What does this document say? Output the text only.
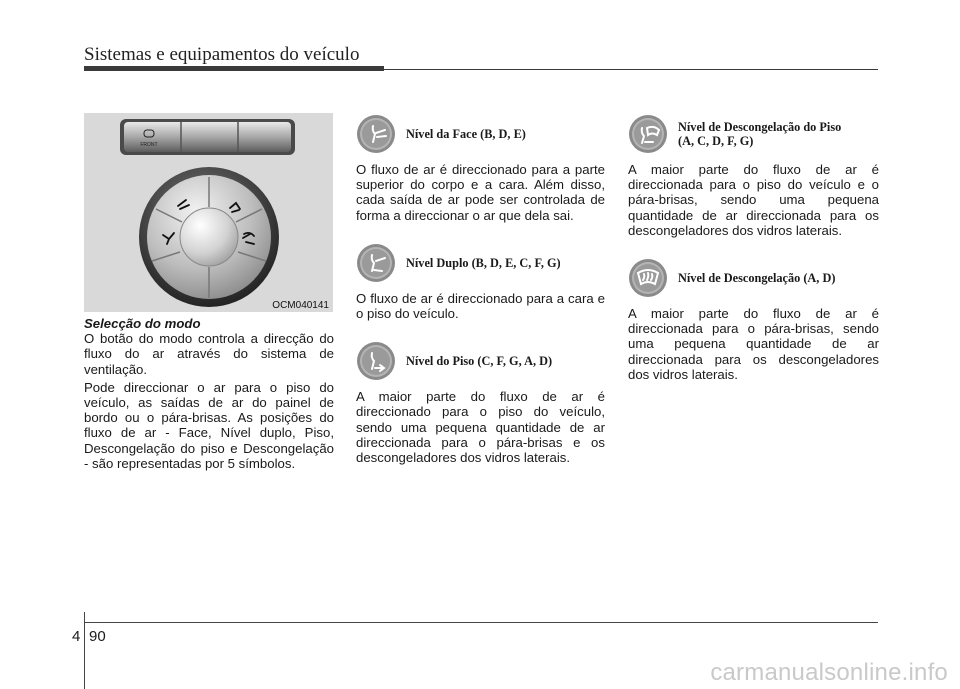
Sistemas e equipamentos do veículo
FRONT
OCM040141

Selecção do modo

O botão do modo controla a direcção do fluxo do ar através do sistema de ventilação.

Pode direccionar o ar para o piso do veículo, as saídas de ar do painel de bordo ou o pára-brisas. As posições do fluxo de ar - Face, Nível duplo, Piso, Descongelação do piso e Descongelação - são representadas por 5 símbolos.

Nível da Face (B, D, E)

O fluxo de ar é direccionado para a parte superior do corpo e a cara. Além disso, cada saída de ar pode ser controlada de forma a direccionar o ar que dela sai.

Nível Duplo (B, D, E, C, F, G)

O fluxo de ar é direccionado para a cara e o piso do veículo.

Nível do Piso (C, F, G, A, D)

A maior parte do fluxo de ar é direccionado para o piso do veículo, sendo uma pequena quantidade de ar direccionada para o pára-brisas e os descongeladores dos vidros laterais.

Nível de Descongelação do Piso
(A, C, D, F, G)

A maior parte do fluxo de ar é direccionada para o piso do veículo e o pára-brisas, sendo uma pequena quantidade de ar direccionada para os descongeladores dos vidros laterais.

Nível de Descongelação (A, D)

A maior parte do fluxo de ar é direccionada para o pára-brisas, sendo uma pequena quantidade de ar direccionada para os descongeladores dos vidros laterais.

4 90
carmanualsonline.info
